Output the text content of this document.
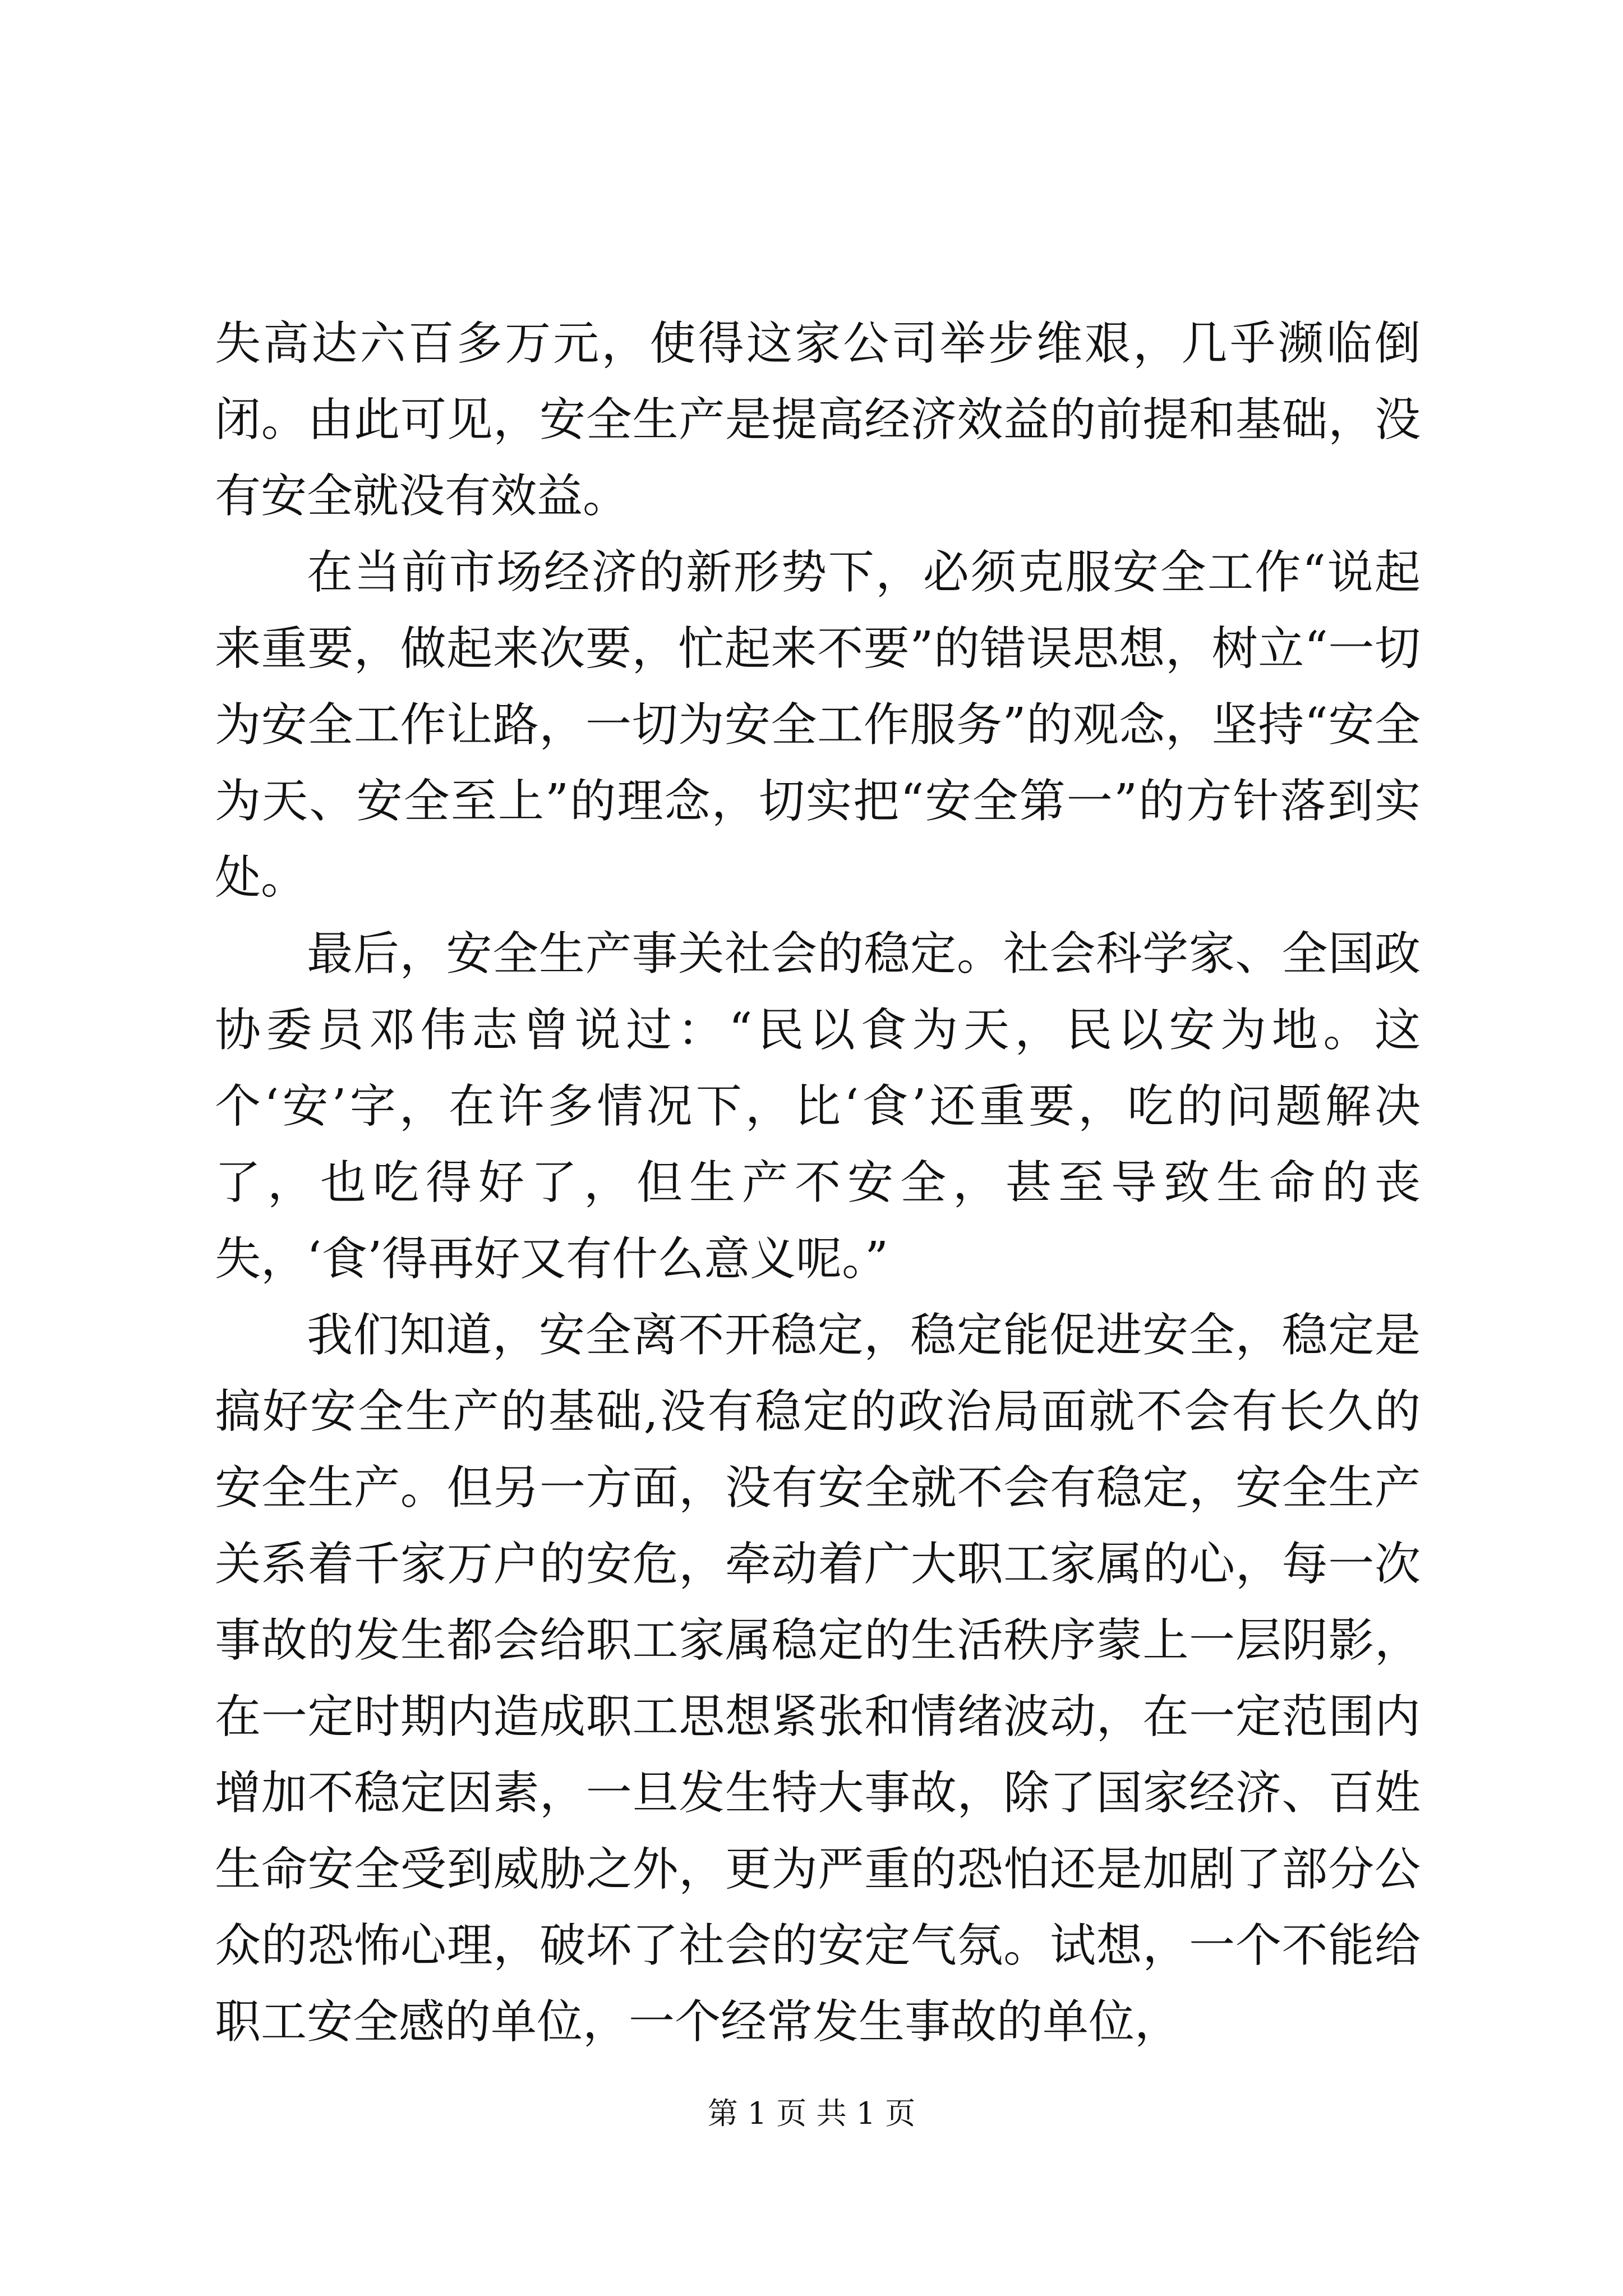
失高达六百多万元，使得这家公司举步维艰，几乎濒临倒闭。由此可见，安全生产是提高经济效益的前提和基础，没有安全就没有效益。

在当前市场经济的新形势下，必须克服安全工作“说起来重要，做起来次要，忙起来不要”的错误思想，树立“一切为安全工作让路，一切为安全工作服务”的观念，坚持“安全为天、安全至上”的理念，切实把“安全第一”的方针落到实处。

最后，安全生产事关社会的稳定。社会科学家、全国政协委员邓伟志曾说过：“民以食为天，民以安为地。这个‘安’字，在许多情况下，比‘食’还重要，吃的问题解决了，也吃得好了，但生产不安全，甚至导致生命的丧失，‘食’得再好又有什么意义呢。”

我们知道，安全离不开稳定，稳定能促进安全，稳定是搞好安全生产的基础,没有稳定的政治局面就不会有长久的安全生产。但另一方面，没有安全就不会有稳定，安全生产关系着千家万户的安危，牵动着广大职工家属的心，每一次事故的发生都会给职工家属稳定的生活秩序蒙上一层阴影，在一定时期内造成职工思想紧张和情绪波动，在一定范围内增加不稳定因素，一旦发生特大事故，除了国家经济、百姓生命安全受到威胁之外，更为严重的恐怕还是加剧了部分公众的恐怖心理，破坏了社会的安定气氛。试想，一个不能给职工安全感的单位，一个经常发生事故的单位，

第 1 页 共 1 页
